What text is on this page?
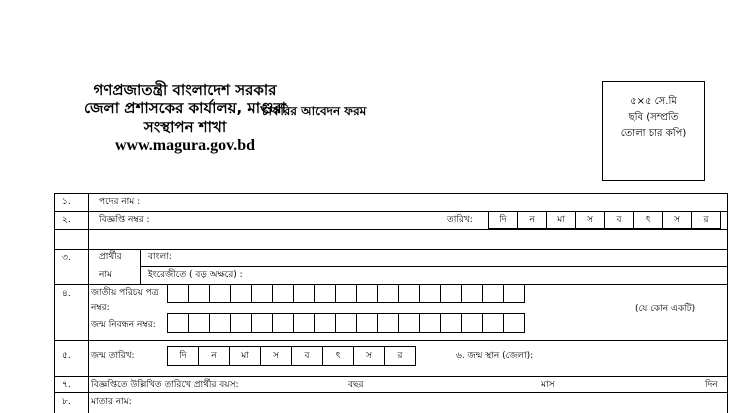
গণপ্রজাতন্ত্রী বাংলাদেশ সরকার
জেলা প্রশাসকের কার্যালয়, মাগুরা
সংস্থাপন শাখা
www.magura.gov.bd
চাকরির আবেদন ফরম
৫×৫ সে.মি
ছবি (সম্প্রতি
তোলা চার কপি)
১.	পদের নাম :
২.	বিজ্ঞপ্তি নম্বর :	তারিখ:	দি	ন	মা	স	ব	ৎ	স	র
৩.	প্রার্থীর
নাম
বাংলা:
ইংরেজীতে ( বড় অক্ষরে) :
৪. জাতীয় পরিচয় পত্র
নম্বর:
জন্ম নিবন্ধন নম্বর:
(যে কোন একটি)
৫. জন্ম তারিখ:	দি	ন	মা	স	ব	ৎ	স	র	৬. জন্ম স্থান (জেলা):
৭. বিজ্ঞপ্তিতে উল্লিখিত তারিখে প্রার্থীর বয়স:	বছর	মাস	দিন
৮. মাতার নাম:
